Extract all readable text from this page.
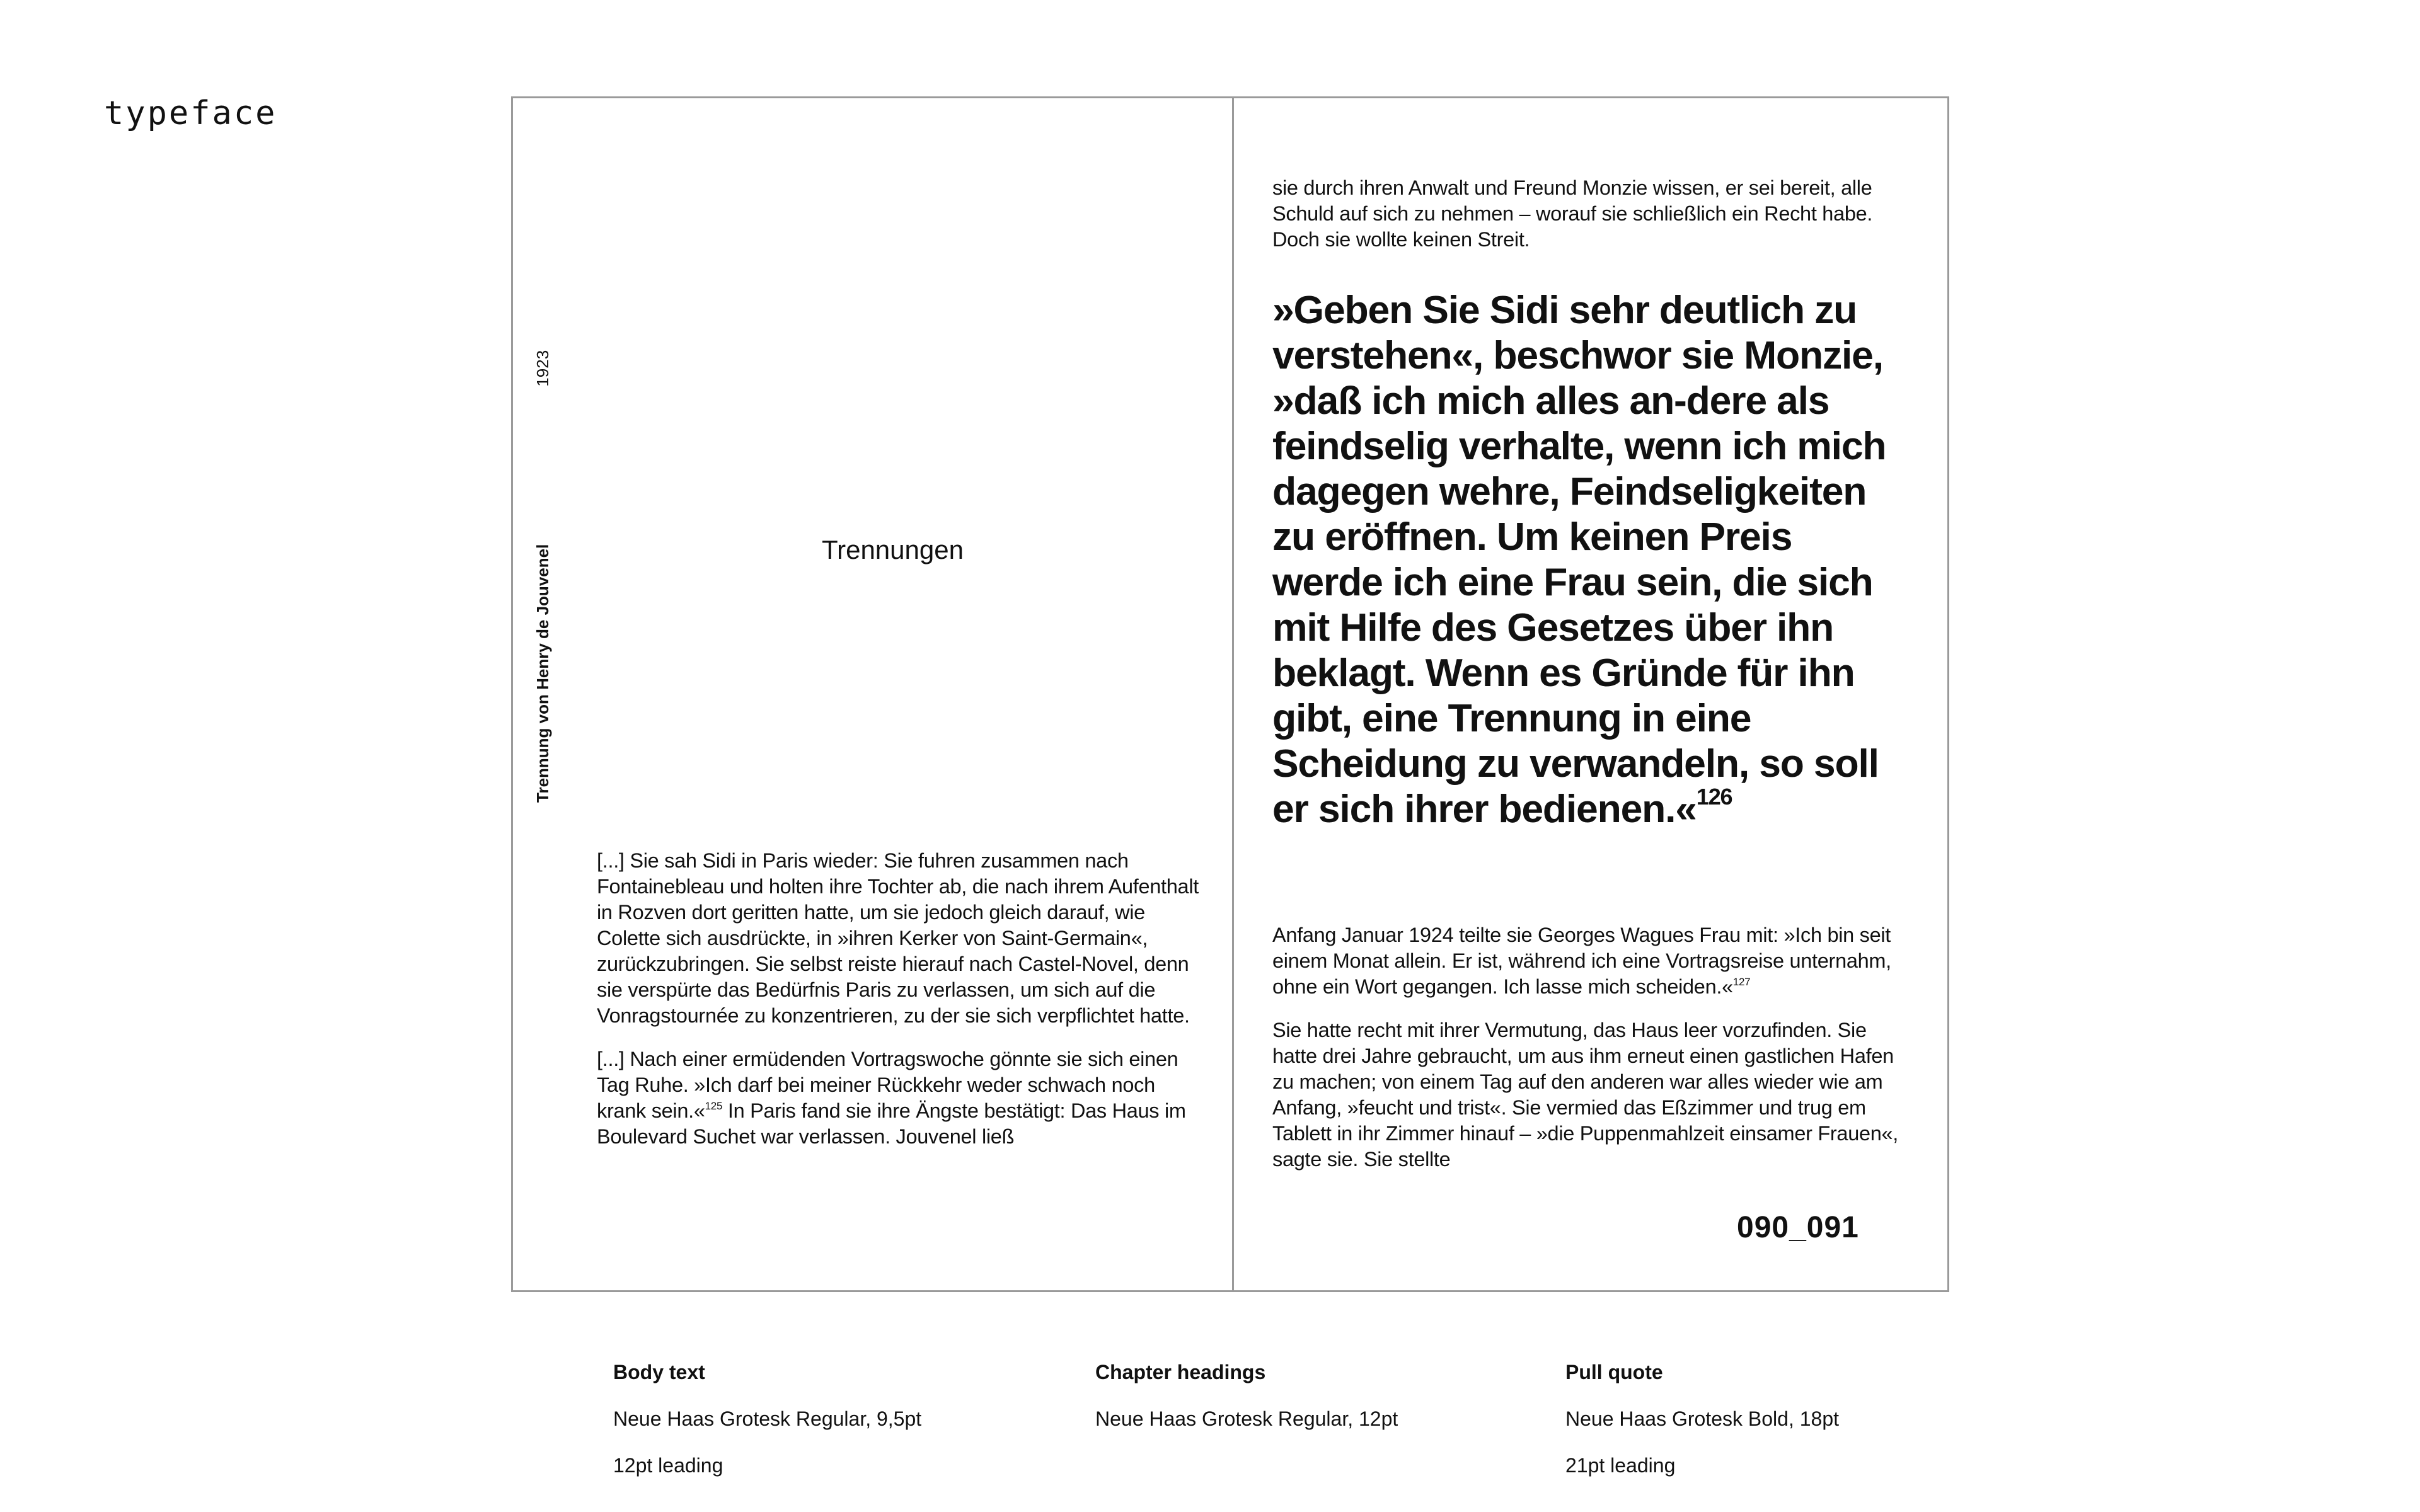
typeface
Trennung von Henry de Jouvenel1923
Trennungen

[...] Sie sah Sidi in Paris wieder: Sie fuhren zusammen nach Fontainebleau und holten ihre Tochter ab, die nach ihrem Aufenthalt in Rozven dort geritten hatte, um sie jedoch gleich darauf, wie Colette sich ausdrückte, in »ihren Kerker von Saint-Germain«, zurückzubringen. Sie selbst reiste hierauf nach Castel-Novel, denn sie verspürte das Bedürfnis Paris zu verlassen, um sich auf die Vonragstournée zu konzentrieren, zu der sie sich verpflichtet hatte.

[...] Nach einer ermüdenden Vortragswoche gönnte sie sich einen Tag Ruhe. »Ich darf bei meiner Rückkehr weder schwach noch krank sein.«$^{125}$ In Paris fand sie ihre Ängste bestätigt: Das Haus im Boulevard Suchet war verlassen. Jouvenel ließ

sie durch ihren Anwalt und Freund Monzie wissen, er sei bereit, alle Schuld auf sich zu nehmen – worauf sie schließlich ein Recht habe. Doch sie wollte keinen Streit.

»Geben Sie Sidi sehr deutlich zu verstehen«, beschwor sie Monzie, »daß ich mich alles an-dere als feindselig verhalte, wenn ich mich dagegen wehre, Feindseligkeiten zu eröffnen. Um keinen Preis werde ich eine Frau sein, die sich mit Hilfe des Gesetzes über ihn beklagt. Wenn es Gründe für ihn gibt, eine Trennung in eine Scheidung zu verwandeln, so soll er sich ihrer bedienen.«$^{126}$

Anfang Januar 1924 teilte sie Georges Wagues Frau mit: »Ich bin seit einem Monat allein. Er ist, während ich eine Vortragsreise unternahm, ohne ein Wort gegangen. Ich lasse mich scheiden.«$^{127}$

Sie hatte recht mit ihrer Vermutung, das Haus leer vorzufinden. Sie hatte drei Jahre gebraucht, um aus ihm erneut einen gastlichen Hafen zu machen; von einem Tag auf den anderen war alles wieder wie am Anfang, »feucht und trist«. Sie vermied das Eßzimmer und trug em Tablett in ihr Zimmer hinauf – »die Puppenmahlzeit einsamer Frauen«, sagte sie. Sie stellte

090_091
Body text
Neue Haas Grotesk Regular, 9,5pt
12pt leading
Chapter headings
Neue Haas Grotesk Regular, 12pt
Pull quote
Neue Haas Grotesk Bold, 18pt
21pt leading
